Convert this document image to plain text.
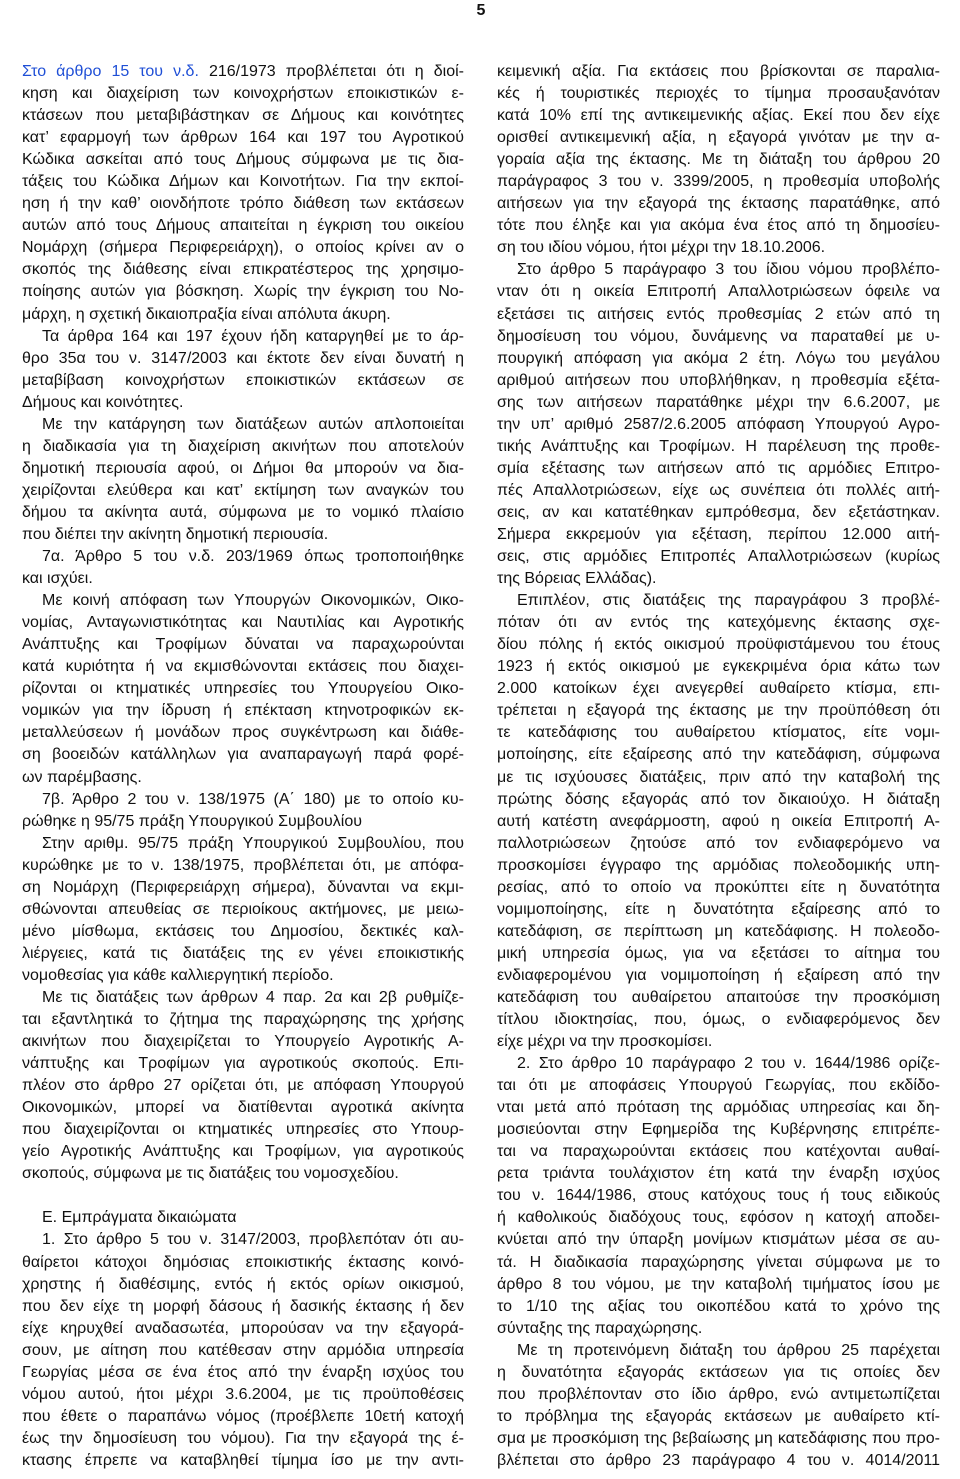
5
Στο άρθρο 15 του ν.δ. 216/1973 προβλέπεται ότι η διοί-
κηση και διαχείριση των κοινοχρήστων εποικιστικών ε-
κτάσεων που μεταβιβάστηκαν σε Δήμους και κοινότητες
κατ’ εφαρμογή των άρθρων 164 και 197 του Αγροτικού
Κώδικα ασκείται από τους Δήμους σύμφωνα με τις δια-
τάξεις του Κώδικα Δήμων και Κοινοτήτων. Για την εκποί-
ηση ή την καθ’ οιονδήποτε τρόπο διάθεση των εκτάσεων
αυτών από τους Δήμους απαιτείται η έγκριση του οικείου
Νομάρχη (σήμερα Περιφερειάρχη), ο οποίος κρίνει αν ο
σκοπός της διάθεσης είναι επικρατέστερος της χρησιμο-
ποίησης αυτών για βόσκηση. Χωρίς την έγκριση του Νο-
μάρχη, η σχετική δικαιοπραξία είναι απόλυτα άκυρη.
Τα άρθρα 164 και 197 έχουν ήδη καταργηθεί με το άρ-
θρο 35α του ν. 3147/2003 και έκτοτε δεν είναι δυνατή η
μεταβίβαση κοινοχρήστων εποικιστικών εκτάσεων σε
Δήμους και κοινότητες.
Με την κατάργηση των διατάξεων αυτών απλοποιείται
η διαδικασία για τη διαχείριση ακινήτων που αποτελούν
δημοτική περιουσία αφού, οι Δήμοι θα μπορούν να δια-
χειρίζονται ελεύθερα και κατ’ εκτίμηση των αναγκών του
δήμου τα ακίνητα αυτά, σύμφωνα με το νομικό πλαίσιο
που διέπει την ακίνητη δημοτική περιουσία.
7α. Άρθρο 5 του ν.δ. 203/1969 όπως τροποποιήθηκε
και ισχύει.
Με κοινή απόφαση των Υπουργών Οικονομικών, Οικο-
νομίας, Ανταγωνιστικότητας και Ναυτιλίας και Αγροτικής
Ανάπτυξης και Τροφίμων δύναται να παραχωρούνται
κατά κυριότητα ή να εκμισθώνονται εκτάσεις που διαχει-
ρίζονται οι κτηματικές υπηρεσίες του Υπουργείου Οικο-
νομικών για την ίδρυση ή επέκταση κτηνοτροφικών εκ-
μεταλλεύσεων ή μονάδων προς συγκέντρωση και διάθε-
ση βοοειδών κατάλληλων για αναπαραγωγή παρά φορέ-
ων παρέμβασης.
7β. Άρθρο 2 του ν. 138/1975 (Α΄ 180) με το οποίο κυ-
ρώθηκε η 95/75 πράξη Υπουργικού Συμβουλίου
Στην αριθμ. 95/75 πράξη Υπουργικού Συμβουλίου, που
κυρώθηκε με το ν. 138/1975, προβλέπεται ότι, με απόφα-
ση Νομάρχη (Περιφερειάρχη σήμερα), δύνανται να εκμι-
σθώνονται απευθείας σε περιοίκους ακτήμονες, με μειω-
μένο μίσθωμα, εκτάσεις του Δημοσίου, δεκτικές καλ-
λιέργειες, κατά τις διατάξεις της εν γένει εποικιστικής
νομοθεσίας για κάθε καλλιεργητική περίοδο.
Με τις διατάξεις των άρθρων 4 παρ. 2α και 2β ρυθμίζε-
ται εξαντλητικά το ζήτημα της παραχώρησης της χρήσης
ακινήτων που διαχειρίζεται το Υπουργείο Αγροτικής Α-
νάπτυξης και Τροφίμων για αγροτικούς σκοπούς. Επι-
πλέον στο άρθρο 27 ορίζεται ότι, με απόφαση Υπουργού
Οικονομικών, μπορεί να διατίθενται αγροτικά ακίνητα
που διαχειρίζονται οι κτηματικές υπηρεσίες στο Υπουρ-
γείο Αγροτικής Ανάπτυξης και Τροφίμων, για αγροτικούς
σκοπούς, σύμφωνα με τις διατάξεις του νομοσχεδίου.
Ε. Εμπράγματα δικαιώματα
1. Στο άρθρο 5 του ν. 3147/2003, προβλεπόταν ότι αυ-
θαίρετοι κάτοχοι δημόσιας εποικιστικής έκτασης κοινό-
χρηστης ή διαθέσιμης, εντός ή εκτός ορίων οικισμού,
που δεν είχε τη μορφή δάσους ή δασικής έκτασης ή δεν
είχε κηρυχθεί αναδασωτέα, μπορούσαν να την εξαγορά-
σουν, με αίτηση που κατέθεσαν στην αρμόδια υπηρεσία
Γεωργίας μέσα σε ένα έτος από την έναρξη ισχύος του
νόμου αυτού, ήτοι μέχρι 3.6.2004, με τις προϋποθέσεις
που έθετε ο παραπάνω νόμος (προέβλεπε 10ετή κατοχή
έως την δημοσίευση του νόμου). Για την εξαγορά της έ-
κτασης έπρεπε να καταβληθεί τίμημα ίσο με την αντι-
κειμενική αξία. Για εκτάσεις που βρίσκονται σε παραλια-
κές ή τουριστικές περιοχές το τίμημα προσαυξανόταν
κατά 10% επί της αντικειμενικής αξίας. Εκεί που δεν είχε
ορισθεί αντικειμενική αξία, η εξαγορά γινόταν με την α-
γοραία αξία της έκτασης. Με τη διάταξη του άρθρου 20
παράγραφος 3 του ν. 3399/2005, η προθεσμία υποβολής
αιτήσεων για την εξαγορά της έκτασης παρατάθηκε, από
τότε που έληξε και για ακόμα ένα έτος από τη δημοσίευ-
ση του ιδίου νόμου, ήτοι μέχρι την 18.10.2006.
Στο άρθρο 5 παράγραφο 3 του ίδιου νόμου προβλέπο-
νταν ότι η οικεία Επιτροπή Απαλλοτριώσεων όφειλε να
εξετάσει τις αιτήσεις εντός προθεσμίας 2 ετών από τη
δημοσίευση του νόμου, δυνάμενης να παραταθεί με υ-
πουργική απόφαση για ακόμα 2 έτη. Λόγω του μεγάλου
αριθμού αιτήσεων που υποβλήθηκαν, η προθεσμία εξέτα-
σης των αιτήσεων παρατάθηκε μέχρι την 6.6.2007, με
την υπ’ αριθμό 2587/2.6.2005 απόφαση Υπουργού Αγρο-
τικής Ανάπτυξης και Τροφίμων. Η παρέλευση της προθε-
σμία εξέτασης των αιτήσεων από τις αρμόδιες Επιτρο-
πές Απαλλοτριώσεων, είχε ως συνέπεια ότι πολλές αιτή-
σεις, αν και κατατέθηκαν εμπρόθεσμα, δεν εξετάστηκαν.
Σήμερα εκκρεμούν για εξέταση, περίπου 12.000 αιτή-
σεις, στις αρμόδιες Επιτροπές Απαλλοτριώσεων (κυρίως
της Βόρειας Ελλάδας).
Επιπλέον, στις διατάξεις της παραγράφου 3 προβλέ-
πόταν ότι αν εντός της κατεχόμενης έκτασης σχε-
δίου πόλης ή εκτός οικισμού προϋφιστάμενου του έτους
1923 ή εκτός οικισμού με εγκεκριμένα όρια κάτω των
2.000 κατοίκων έχει ανεγερθεί αυθαίρετο κτίσμα, επι-
τρέπεται η εξαγορά της έκτασης με την προϋπόθεση ότι
τε κατεδάφισης του αυθαίρετου κτίσματος, είτε νομι-
μοποίησης, είτε εξαίρεσης από την κατεδάφιση, σύμφωνα
με τις ισχύουσες διατάξεις, πριν από την καταβολή της
πρώτης δόσης εξαγοράς από τον δικαιούχο. Η διάταξη
αυτή κατέστη ανεφάρμοστη, αφού η οικεία Επιτροπή Α-
παλλοτριώσεων ζητούσε από τον ενδιαφερόμενο να
προσκομίσει έγγραφο της αρμόδιας πολεοδομικής υπη-
ρεσίας, από το οποίο να προκύπτει είτε η δυνατότητα
νομιμοποίησης, είτε η δυνατότητα εξαίρεσης από το
κατεδάφιση, σε περίπτωση μη κατεδάφισης. Η πολεοδο-
μική υπηρεσία όμως, για να εξετάσει το αίτημα του
ενδιαφερομένου για νομιμοποίηση ή εξαίρεση από την
κατεδάφιση του αυθαίρετου απαιτούσε την προσκόμιση
τίτλου ιδιοκτησίας, που, όμως, ο ενδιαφερόμενος δεν
είχε μέχρι να την προσκομίσει.
2. Στο άρθρο 10 παράγραφο 2 του ν. 1644/1986 ορίζε-
ται ότι με αποφάσεις Υπουργού Γεωργίας, που εκδίδο-
νται μετά από πρόταση της αρμόδιας υπηρεσίας και δη-
μοσιεύονται στην Εφημερίδα της Κυβέρνησης επιτρέπε-
ται να παραχωρούνται εκτάσεις που κατέχονται αυθαί-
ρετα τριάντα τουλάχιστον έτη κατά την έναρξη ισχύος
του ν. 1644/1986, στους κατόχους τους ή τους ειδικούς
ή καθολικούς διαδόχους τους, εφόσον η κατοχή αποδει-
κνύεται από την ύπαρξη μονίμων κτισμάτων μέσα σε αυ-
τά. Η διαδικασία παραχώρησης γίνεται σύμφωνα με το
άρθρο 8 του νόμου, με την καταβολή τιμήματος ίσου με
το 1/10 της αξίας του οικοπέδου κατά το χρόνο της
σύνταξης της παραχώρησης.
Με τη προτεινόμενη διάταξη του άρθρου 25 παρέχεται
η δυνατότητα εξαγοράς εκτάσεων για τις οποίες δεν
που προβλέπονταν στο ίδιο άρθρο, ενώ αντιμετωπίζεται
το πρόβλημα της εξαγοράς εκτάσεων με αυθαίρετο κτί-
σμα με προσκόμιση της βεβαίωσης μη κατεδάφισης που προ-
βλέπεται στο άρθρο 23 παράγραφο 4 του ν. 4014/2011
